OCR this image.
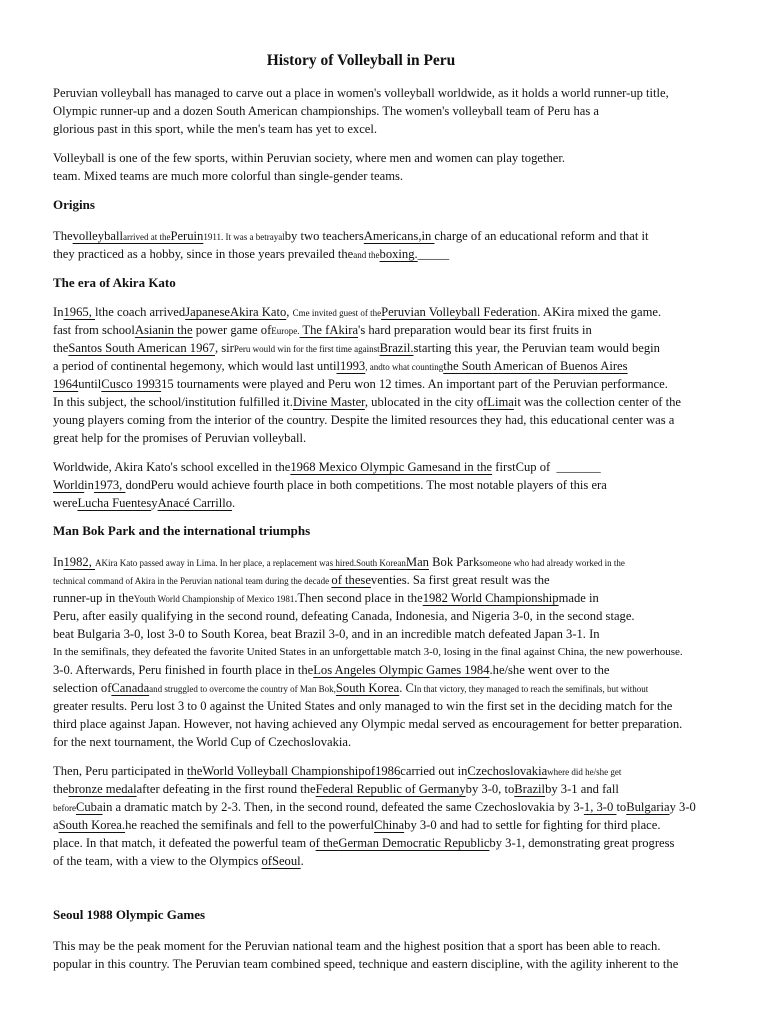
History of Volleyball in Peru

Peruvian volleyball has managed to carve out a place in women's volleyball worldwide, as it holds a world runner-up title,

Olympic runner-up and a dozen South American championships. The women's volleyball team of Peru has a

glorious past in this sport, while the men's team has yet to excel.

Volleyball is one of the few sports, within Peruvian society, where men and women can play together.

team. Mixed teams are much more colorful than single-gender teams.

Origins

Thevolleyballarrived at thePeruin1911. It was a betrayalby two teachersAmericans,in charge of an educational reform and that it

they practiced as a hobby, since in those years prevailed theand theboxing._____

The era of Akira Kato

In1965, lthe coach arrivedJapaneseAkira Kato, Cme invited guest of thePeruvian Volleyball Federation. AKira mixed the game.

fast from schoolAsianin the power game ofEurope. The fAkira's hard preparation would bear its first fruits in

theSantos South American 1967, sirPeru would win for the first time againstBrazil.starting this year, the Peruvian team would begin

a period of continental hegemony, which would last until1993, andto what countingthe South American of Buenos Aires

1964untilCusco 199315 tournaments were played and Peru won 12 times. An important part of the Peruvian performance.

In this subject, the school/institution fulfilled it.Divine Master, ublocated in the city ofLimait was the collection center of the

young players coming from the interior of the country. Despite the limited resources they had, this educational center was a

great help for the promises of Peruvian volleyball.

Worldwide, Akira Kato's school excelled in the1968 Mexico Olympic Gamesand in the firstCup of _______

Worldin1973, dondPeru would achieve fourth place in both competitions. The most notable players of this era

wereLucha FuentesyAnacé Carrillo.

Man Bok Park and the international triumphs

In1982, AKira Kato passed away in Lima. In her place, a replacement was hired.South KoreanMan Bok Parksomeone who had already worked in the

technical command of Akira in the Peruvian national team during the decade of theseventies. Sa first great result was the

runner-up in theYouth World Championship of Mexico 1981.Then second place in the1982 World Championshipmade in

Peru, after easily qualifying in the second round, defeating Canada, Indonesia, and Nigeria 3-0, in the second stage.

beat Bulgaria 3-0, lost 3-0 to South Korea, beat Brazil 3-0, and in an incredible match defeated Japan 3-1. In

In the semifinals, they defeated the favorite United States in an unforgettable match 3-0, losing in the final against China, the new powerhouse.

3-0. Afterwards, Peru finished in fourth place in theLos Angeles Olympic Games 1984.he/she went over to the

selection ofCanadaand struggled to overcome the country of Man Bok,South Korea. CIn that victory, they managed to reach the semifinals, but without

greater results. Peru lost 3 to 0 against the United States and only managed to win the first set in the deciding match for the

third place against Japan. However, not having achieved any Olympic medal served as encouragement for better preparation.

for the next tournament, the World Cup of Czechoslovakia.

Then, Peru participated in theWorld Volleyball Championshipof1986carried out inCzechoslovakiawhere did he/she get

thebronze medalafter defeating in the first round theFederal Republic of Germanyby 3-0, toBrazilby 3-1 and fall

beforeCubain a dramatic match by 2-3. Then, in the second round, defeated the same Czechoslovakia by 3-1, 3-0 toBulgariay 3-0

aSouth Korea.he reached the semifinals and fell to the powerfulChinaby 3-0 and had to settle for fighting for third place.

place. In that match, it defeated the powerful team of theGerman Democratic Republicby 3-1, demonstrating great progress

of the team, with a view to the Olympics ofSeoul.

Seoul 1988 Olympic Games

This may be the peak moment for the Peruvian national team and the highest position that a sport has been able to reach.

popular in this country. The Peruvian team combined speed, technique and eastern discipline, with the agility inherent to the
